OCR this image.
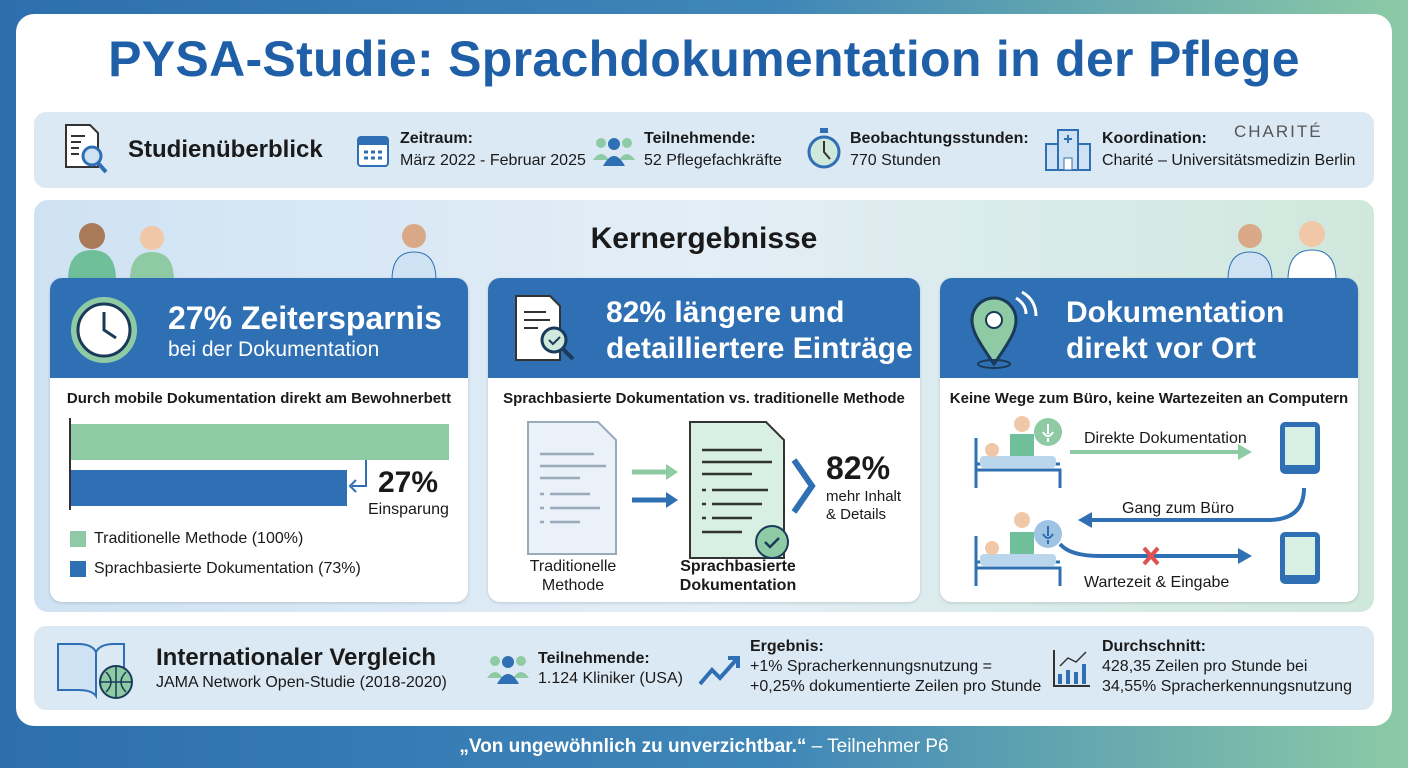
PYSA-Studie: Sprachdokumentation in der Pflege
Studienüberblick	Zeitraum:
März 2022 - Februar 2025
Teilnehmende:
52 Pflegefachkräfte
Beobachtungsstunden:
770 Stunden
Koordination:
Charité – Universitätsmedizin Berlin
CHARITÉ
Kernergebnisse
27% Zeitersparnis
bei der Dokumentation
Durch mobile Dokumentation direkt am Bewohnerbett
27%
Einsparung
Traditionelle Methode (100%)
Sprachbasierte Dokumentation (73%)
82% längere und
detailliertere Einträge
Sprachbasierte Dokumentation vs. traditionelle Methode
82%
mehr Inhalt
& Details
Traditionelle
Methode
Sprachbasierte
Dokumentation
Dokumentation
direkt vor Ort
Keine Wege zum Büro, keine Wartezeiten an Computern
Direkte Dokumentation
Gang zum Büro
Wartezeit & Eingabe
Internationaler Vergleich
JAMA Network Open-Studie (2018-2020)
Teilnehmende:
1.124 Kliniker (USA)
Ergebnis:
+1% Spracherkennungsnutzung =
+0,25% dokumentierte Zeilen pro Stunde
Durchschnitt:
428,35 Zeilen pro Stunde bei
34,55% Spracherkennungsnutzung
„Von ungewöhnlich zu unverzichtbar.“ – Teilnehmer P6
